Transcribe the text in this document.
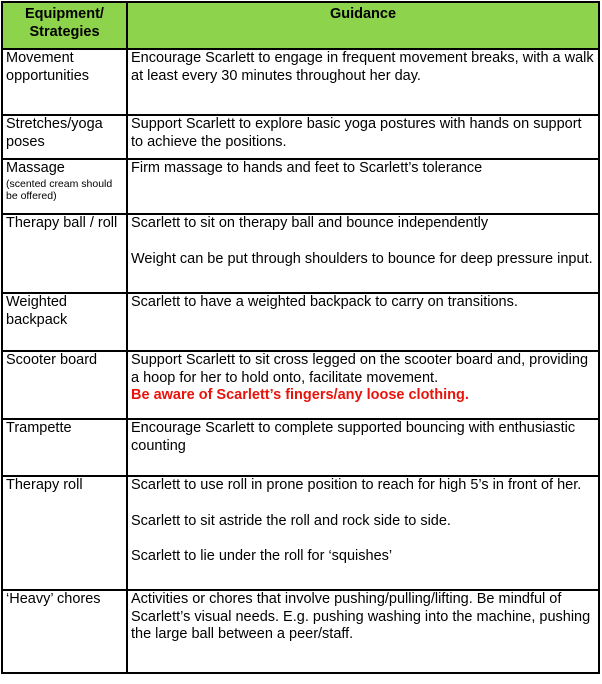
Equipment/
Strategies	Guidance
Movement opportunities	Encourage Scarlett to engage in frequent movement breaks, with a walk at least every 30 minutes throughout her day.

Stretches/yoga poses	Support Scarlett to explore basic yoga postures with hands on support to achieve the positions.

Massage
(scented cream should be offered)	Firm massage to hands and feet to Scarlett’s tolerance

Therapy ball / roll	Scarlett to sit on therapy ball and bounce independently
Weight can be put through shoulders to bounce for deep pressure input.

Weighted backpack	Scarlett to have a weighted backpack to carry on transitions.

Scooter board	Support Scarlett to sit cross legged on the scooter board and, providing a hoop for her to hold onto, facilitate movement.
Be aware of Scarlett’s fingers/any loose clothing.

Trampette	Encourage Scarlett to complete supported bouncing with enthusiastic counting

Therapy roll	Scarlett to use roll in prone position to reach for high 5’s in front of her.
Scarlett to sit astride the roll and rock side to side.
Scarlett to lie under the roll for ‘squishes’

‘Heavy’ chores	Activities or chores that involve pushing/pulling/lifting. Be mindful of Scarlett’s visual needs. E.g. pushing washing into the machine, pushing the large ball between a peer/staff.
